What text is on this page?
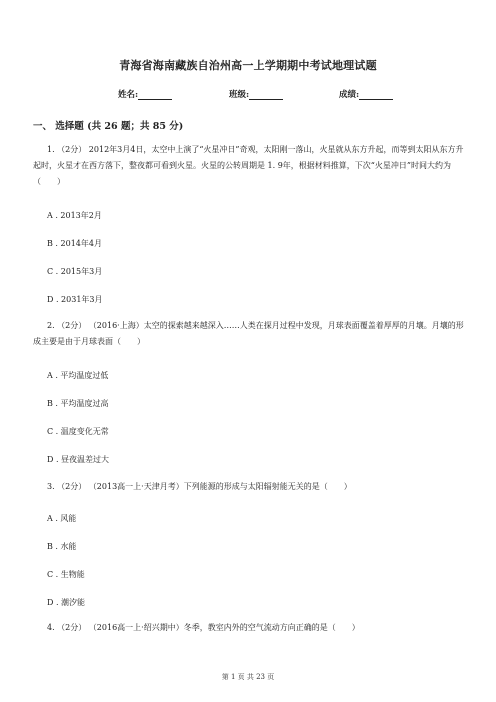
青海省海南藏族自治州高一上学期期中考试地理试题
姓名:	班级:	成绩:
一、 选择题 (共 26 题；共 85 分)
1. （2分） 2012年3月4日，太空中上演了“火星冲日”奇观，太阳刚一落山，火星就从东方升起，而等到太阳从东方升起时，火星才在西方落下，整夜都可看到火星。火星的公转周期是 1. 9年，根据材料推算，下次“火星冲日”时间大约为（　　）
A . 2013年2月
B . 2014年4月
C . 2015年3月
D . 2031年3月
2. （2分） （2016·上海）太空的探索越来越深入……人类在探月过程中发现，月球表面覆盖着厚厚的月壤。月壤的形成主要是由于月球表面（　　）
A . 平均温度过低
B . 平均温度过高
C . 温度变化无常
D . 昼夜温差过大
3. （2分） （2013高一上·天津月考）下列能源的形成与太阳辐射能无关的是（　　）
A . 风能
B . 水能
C . 生物能
D . 潮汐能
4. （2分） （2016高一上·绍兴期中）冬季，教室内外的空气流动方向正确的是（　　）
第 1 页 共 23 页
